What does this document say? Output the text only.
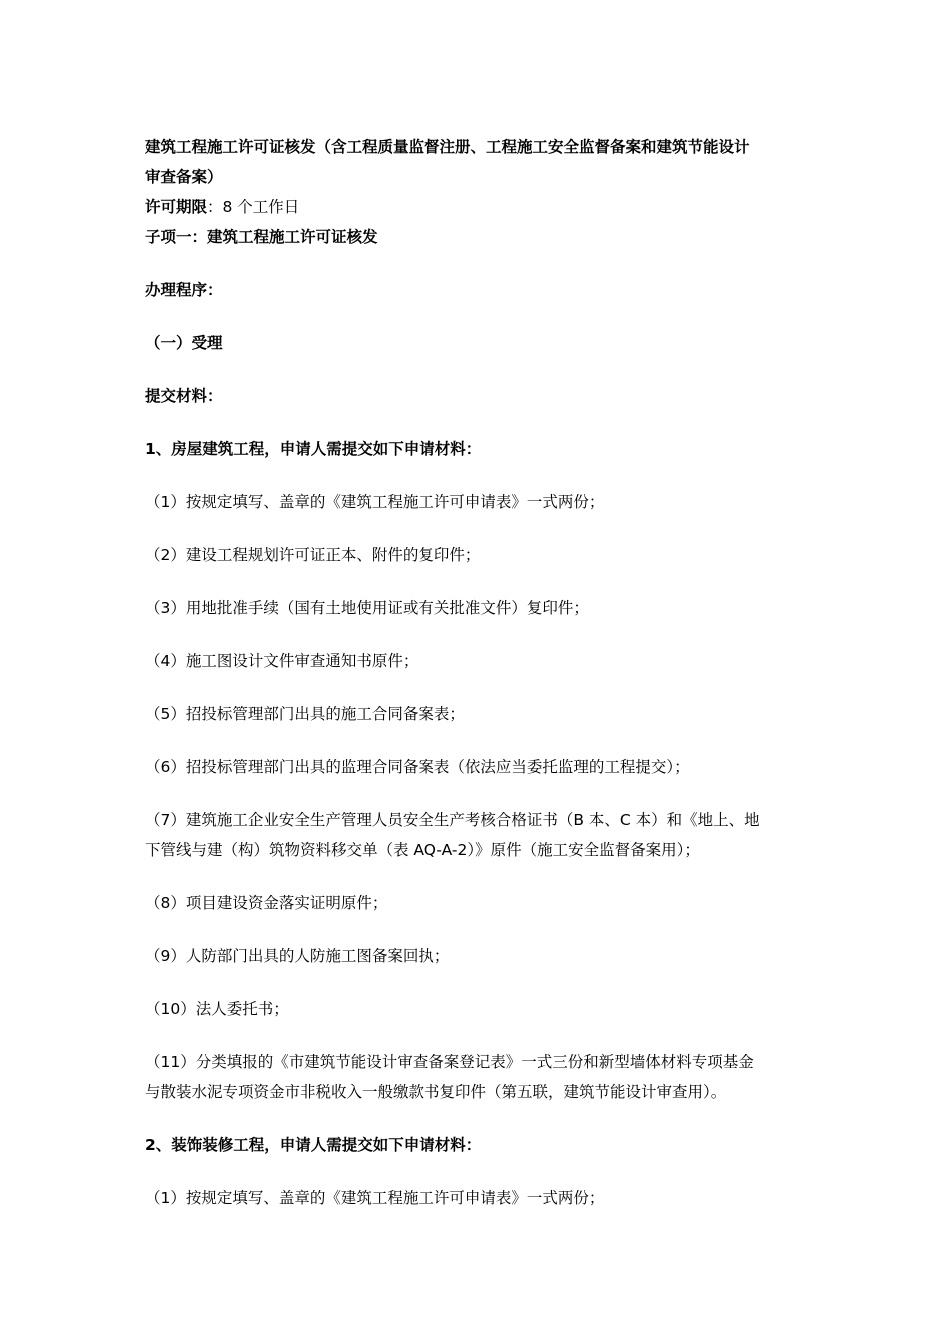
建筑工程施工许可证核发（含工程质量监督注册、工程施工安全监督备案和建筑节能设计

审查备案）

许可期限：8 个工作日

子项一：建筑工程施工许可证核发

办理程序：

（一）受理

提交材料：

1、房屋建筑工程，申请人需提交如下申请材料：

（1）按规定填写、盖章的《建筑工程施工许可申请表》一式两份；

（2）建设工程规划许可证正本、附件的复印件；

（3）用地批准手续（国有土地使用证或有关批准文件）复印件；

（4）施工图设计文件审查通知书原件；

（5）招投标管理部门出具的施工合同备案表；

（6）招投标管理部门出具的监理合同备案表（依法应当委托监理的工程提交）；

（7）建筑施工企业安全生产管理人员安全生产考核合格证书（B 本、C 本）和《地上、地

下管线与建（构）筑物资料移交单（表 AQ-A-2）》原件（施工安全监督备案用）；

（8）项目建设资金落实证明原件；

（9）人防部门出具的人防施工图备案回执；

（10）法人委托书；

（11）分类填报的《市建筑节能设计审查备案登记表》一式三份和新型墙体材料专项基金

与散装水泥专项资金市非税收入一般缴款书复印件（第五联，建筑节能设计审查用）。

2、装饰装修工程，申请人需提交如下申请材料：

（1）按规定填写、盖章的《建筑工程施工许可申请表》一式两份；
